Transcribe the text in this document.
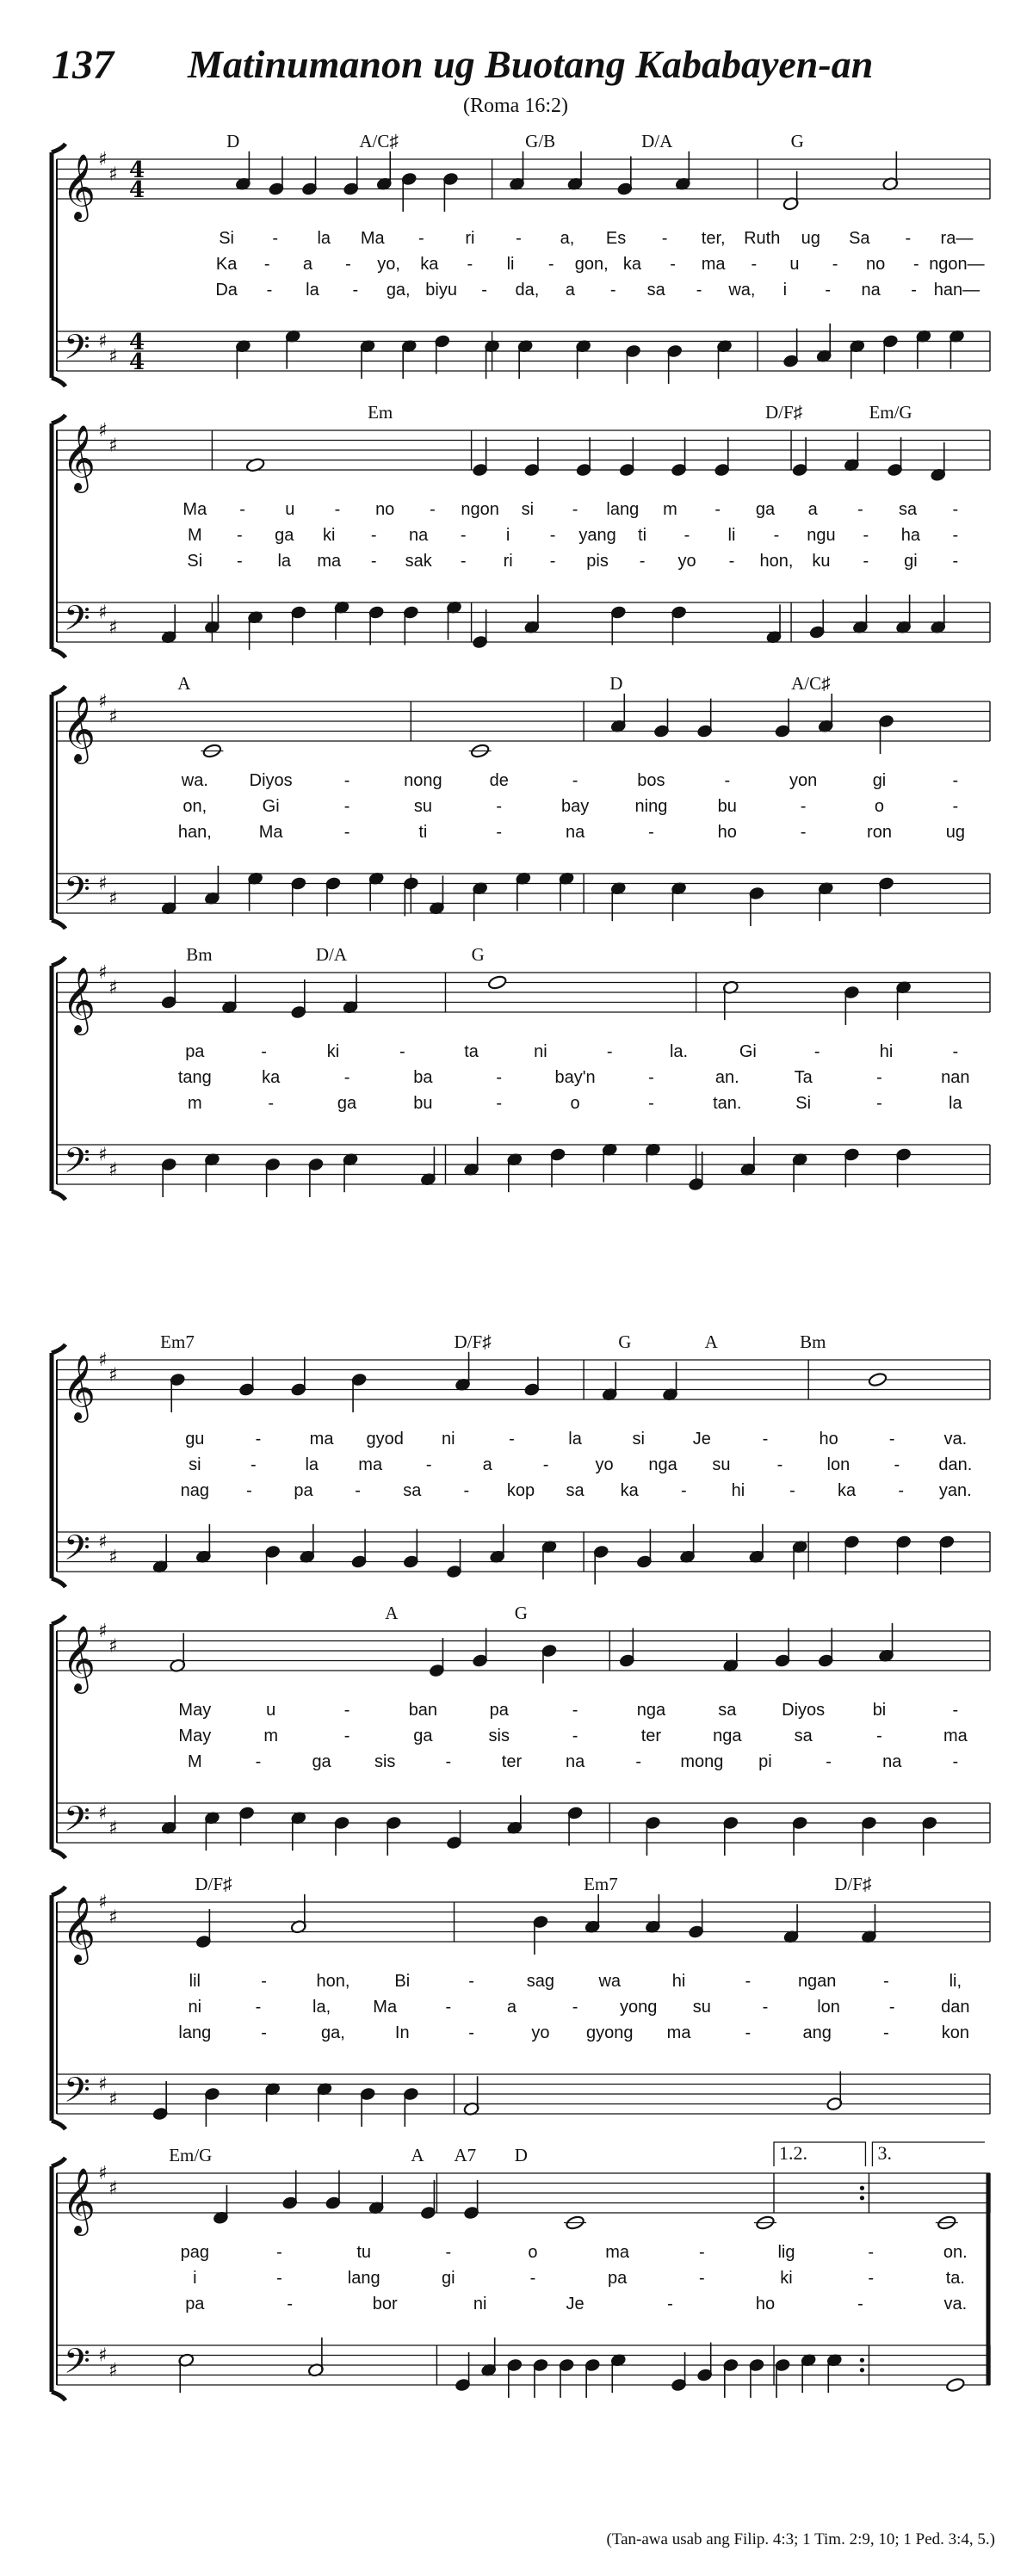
137 Matinumanon ug Buotang Kababayen-an
(Roma 16:2)
𝄞
𝄢
♯
♯
♯
♯
4
4
4
4
D	A/C♯	G/B	D/A	G
Si - la Ma - ri - a, Es - ter, Ruth ug Sa - ra—
Ka - a - yo, ka - li - gon, ka - ma - u - no - ngon—
Da - la - ga, biyu - da, a - sa - wa, i - na - han—
𝄞
𝄢
♯
♯
♯
♯
Em	D/F♯	Em/G
Ma - u - no - ngon si - lang m - ga a - sa -
M - ga ki - na - i - yang ti - li - ngu - ha -
Si - la ma - sak - ri - pis - yo - hon, ku - gi -
𝄞
𝄢
♯
♯
♯
♯
A	D	A/C♯
wa. Diyos	-	nong	de	-	bos	-	yon	gi	-
on,	Gi	-	su	-	bay	ning	bu	-	o	-
han,	Ma	-	ti	-	na	-	ho	-	ron	ug
𝄞
𝄢
♯
♯
♯
♯
Bm	D/A	G
pa	-	ki	-	ta	ni	-	la.	Gi	-	hi	-
tang	ka	-	ba	-	bay'n	-	an.	Ta	-	nan
m	-	ga	bu	-	o	-	tan.	Si	-	la
𝄞
𝄢
♯
♯
♯
♯
Em7	D/F♯	G	A	Bm
gu	-	ma gyod ni	-	la	si	Je	-	ho	-	va.
si	-	la ma	-	a	-	yo nga su	-	lon	- dan.
nag - pa - sa - kop sa ka -	hi	- ka - yan.
𝄞
𝄢
♯
♯
♯
♯
A	G
May	u	-	ban	pa	-	nga	sa	Diyos	bi	-
May	m	-	ga	sis	-	ter	nga	sa	-	ma
M	-	ga	sis	-	ter	na	- mong pi	-	na	-
𝄞
𝄢
♯
♯
♯
♯
D/F♯	Em7	D/F♯
lil	-	hon,	Bi	-	sag	wa	hi	-	ngan	-	li,
ni	-	la, Ma	-	a	- yong su	-	lon	-	dan
lang	-	ga,	In	-	yo gyong ma	-	ang	-	kon
𝄞
𝄢
♯
♯
♯
♯
1.2.	3.
Em/G	A A7 D
pag	-	tu	-	o	ma	-	lig	-	on.
i	-	lang	gi	-	pa	-	ki	-	ta.
pa	-	bor	ni	Je	-	ho	-	va.
(Tan-awa usab ang Filip. 4:3; 1 Tim. 2:9, 10; 1 Ped. 3:4, 5.)
